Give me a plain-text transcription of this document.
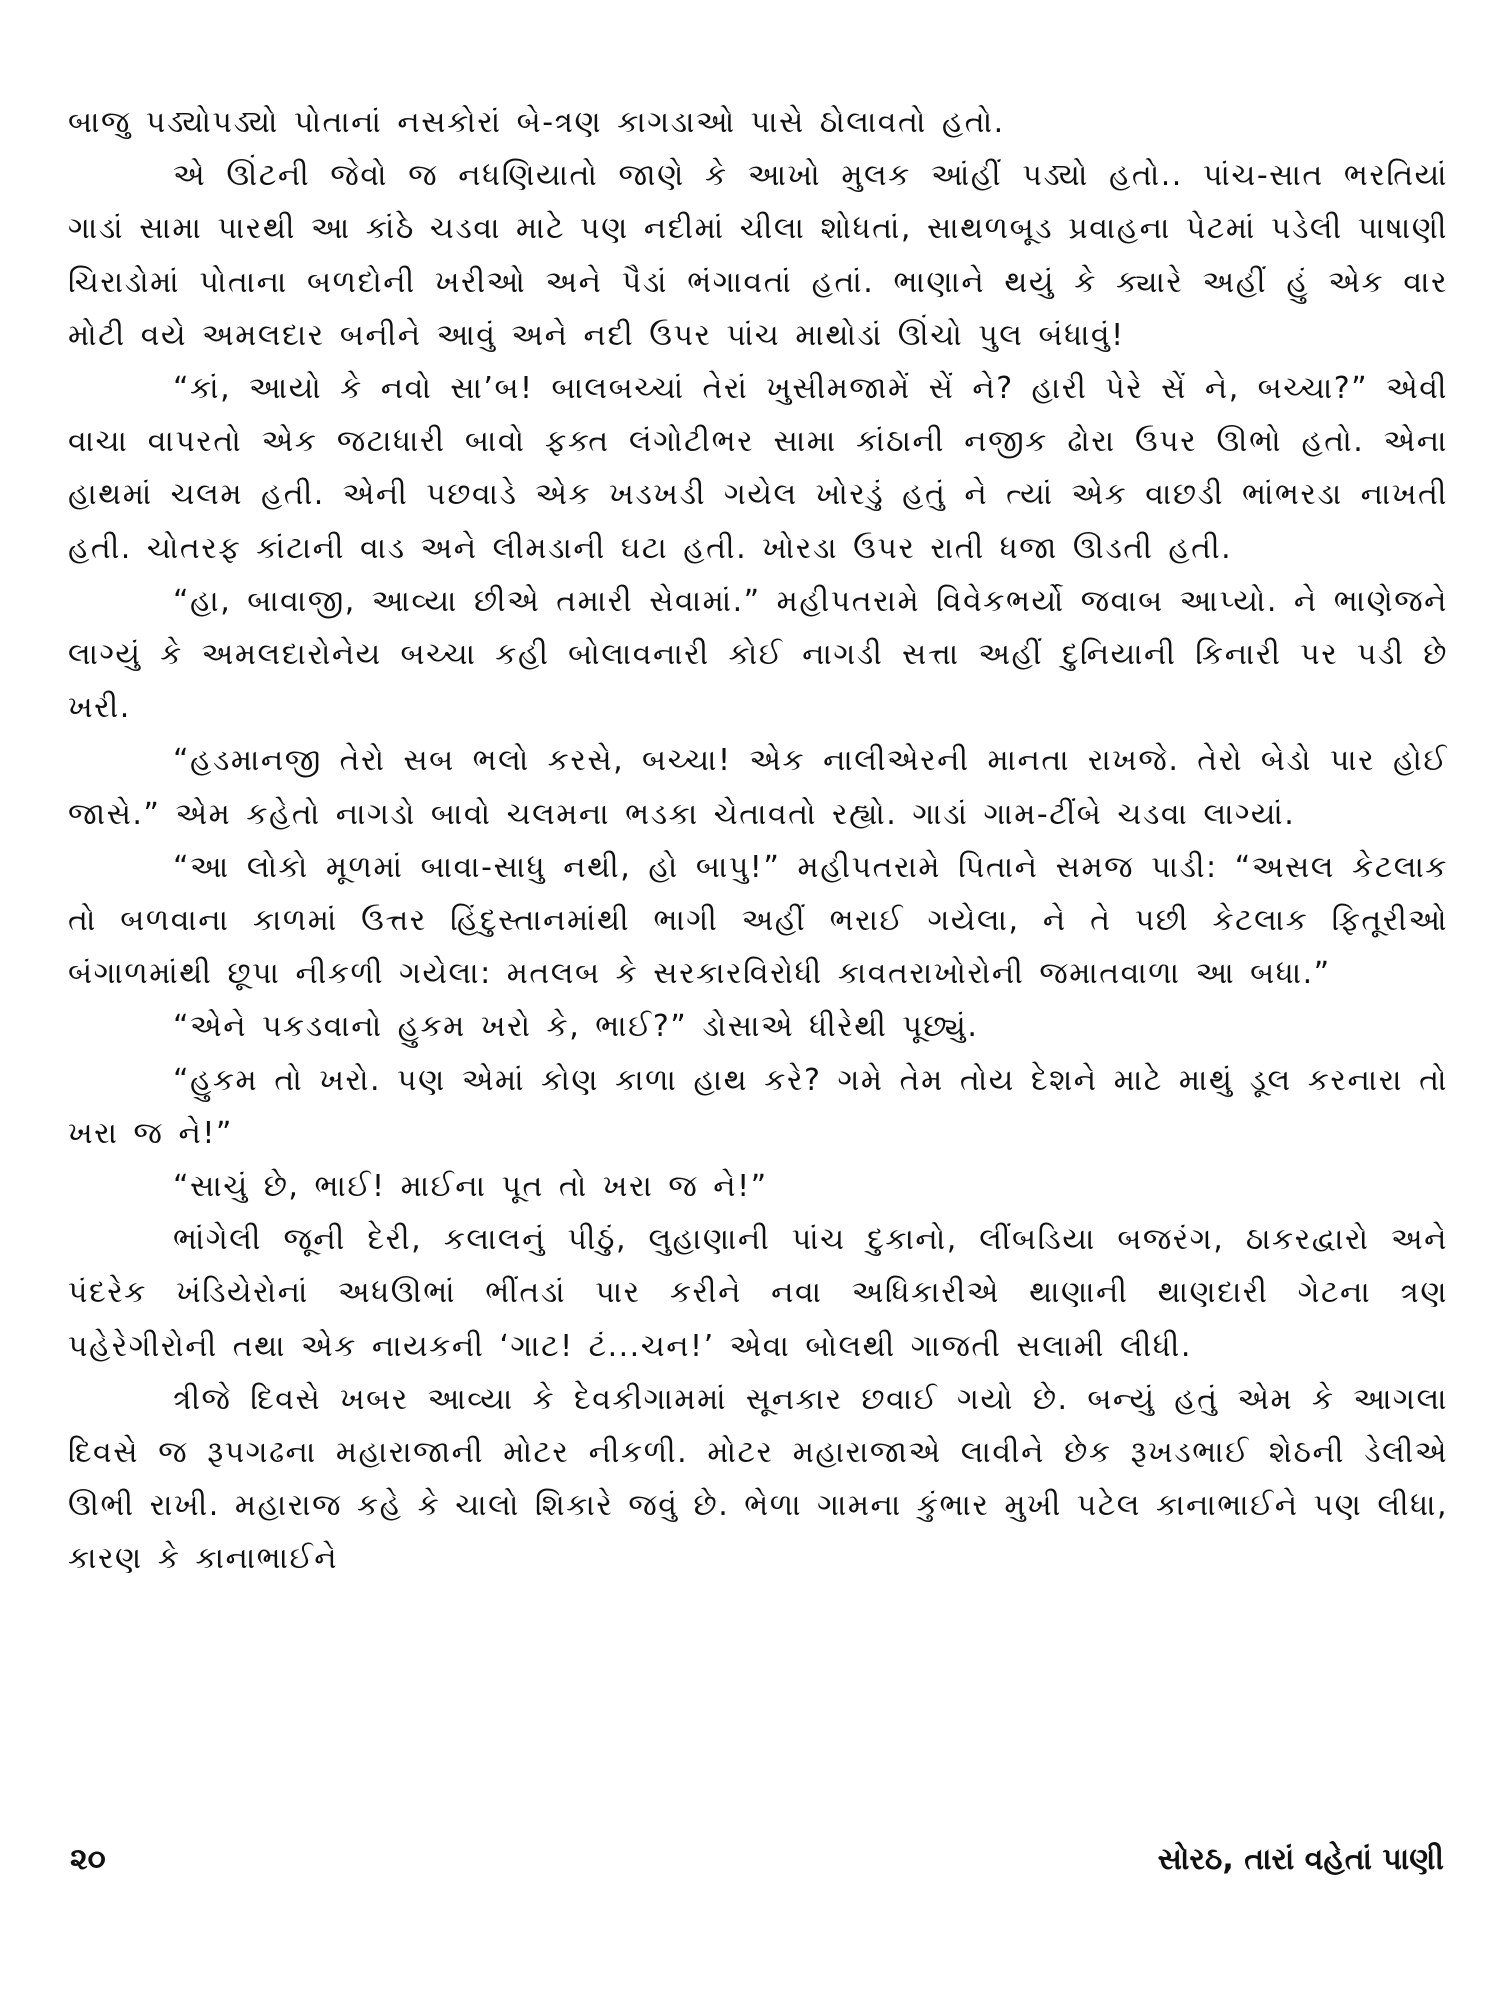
બાજુ પડ્યોપડ્યો પોતાનાં નસકોરાં બે-ત્રણ કાગડાઓ પાસે ઠોલાવતો હતો.

એ ઊંટની જેવો જ નધણિયાતો જાણે કે આખો મુલક આંહીં પડ્યો હતો.. પાંચ-સાત ભરતિયાં ગાડાં સામા પારથી આ કાંઠે ચડવા માટે પણ નદીમાં ચીલા શોધતાં, સાથળબૂડ પ્રવાહના પેટમાં પડેલી પાષાણી ચિરાડોમાં પોતાના બળદોની ખરીઓ અને પૈડાં ભંગાવતાં હતાં. ભાણાને થયું કે ક્યારે અહીં હું એક વાર મોટી વયે અમલદાર બનીને આવું અને નદી ઉપર પાંચ માથોડાં ઊંચો પુલ બંધાવું!

“કાં, આયો કે નવો સા’બ! બાલબચ્ચાં તેરાં ખુસીમજામેં સેં ને? હારી પેરે સેં ને, બચ્ચા?” એવી વાચા વાપરતો એક જટાધારી બાવો ફક્ત લંગોટીભર સામા કાંઠાની નજીક ઢોરા ઉપર ઊભો હતો. એના હાથમાં ચલમ હતી. એની પછવાડે એક ખડખડી ગયેલ ખોરડું હતું ને ત્યાં એક વાછડી ભાંભરડા નાખતી હતી. ચોતરફ કાંટાની વાડ અને લીમડાની ઘટા હતી. ખોરડા ઉપર રાતી ધજા ઊડતી હતી.

“હા, બાવાજી, આવ્યા છીએ તમારી સેવામાં.” મહીપતરામે વિવેકભર્યો જવાબ આપ્યો. ને ભાણેજને લાગ્યું કે અમલદારોનેય બચ્ચા કહી બોલાવનારી કોઈ નાગડી સત્તા અહીં દુનિયાની કિનારી પર પડી છે ખરી.

“હડમાનજી તેરો સબ ભલો કરસે, બચ્ચા! એક નાલીએરની માનતા રાખજે. તેરો બેડો પાર હોઈ જાસે.” એમ કહેતો નાગડો બાવો ચલમના ભડકા ચેતાવતો રહ્યો. ગાડાં ગામ-ટીંબે ચડવા લાગ્યાં.

“આ લોકો મૂળમાં બાવા-સાધુ નથી, હો બાપુ!” મહીપતરામે પિતાને સમજ પાડી: “અસલ કેટલાક તો બળવાના કાળમાં ઉત્તર હિંદુસ્તાનમાંથી ભાગી અહીં ભરાઈ ગયેલા, ને તે પછી કેટલાક ફિતૂરીઓ બંગાળમાંથી છૂપા નીકળી ગયેલા: મતલબ કે સરકારવિરોધી કાવતરાખોરોની જમાતવાળા આ બધા.”

“એને પકડવાનો હુકમ ખરો કે, ભાઈ?” ડોસાએ ધીરેથી પૂછ્યું.

“હુકમ તો ખરો. પણ એમાં કોણ કાળા હાથ કરે? ગમે તેમ તોય દેશને માટે માથું ડૂલ કરનારા તો ખરા જ ને!”

“સાચું છે, ભાઈ! માઈના પૂત તો ખરા જ ને!”

ભાંગેલી જૂની દેરી, કલાલનું પીઠું, લુહાણાની પાંચ દુકાનો, લીંબડિયા બજરંગ, ઠાકરદ્વારો અને પંદરેક ખંડિયેરોનાં અધઊભાં ભીંતડાં પાર કરીને નવા અધિકારીએ થાણાની થાણદારી ગેટના ત્રણ પહેરેગીરોની તથા એક નાયકની ‘ગાટ! ટં...ચન!’ એવા બોલથી ગાજતી સલામી લીધી.

ત્રીજે દિવસે ખબર આવ્યા કે દેવકીગામમાં સૂનકાર છવાઈ ગયો છે. બન્યું હતું એમ કે આગલા દિવસે જ રૂપગઢના મહારાજાની મોટર નીકળી. મોટર મહારાજાએ લાવીને છેક રૂખડભાઈ શેઠની ડેલીએ ઊભી રાખી. મહારાજ કહે કે ચાલો શિકારે જવું છે. ભેળા ગામના કુંભાર મુખી પટેલ કાનાભાઈને પણ લીધા, કારણ કે કાનાભાઈને

૨૦	સોરઠ, તારાં વહેતાં પાણી
